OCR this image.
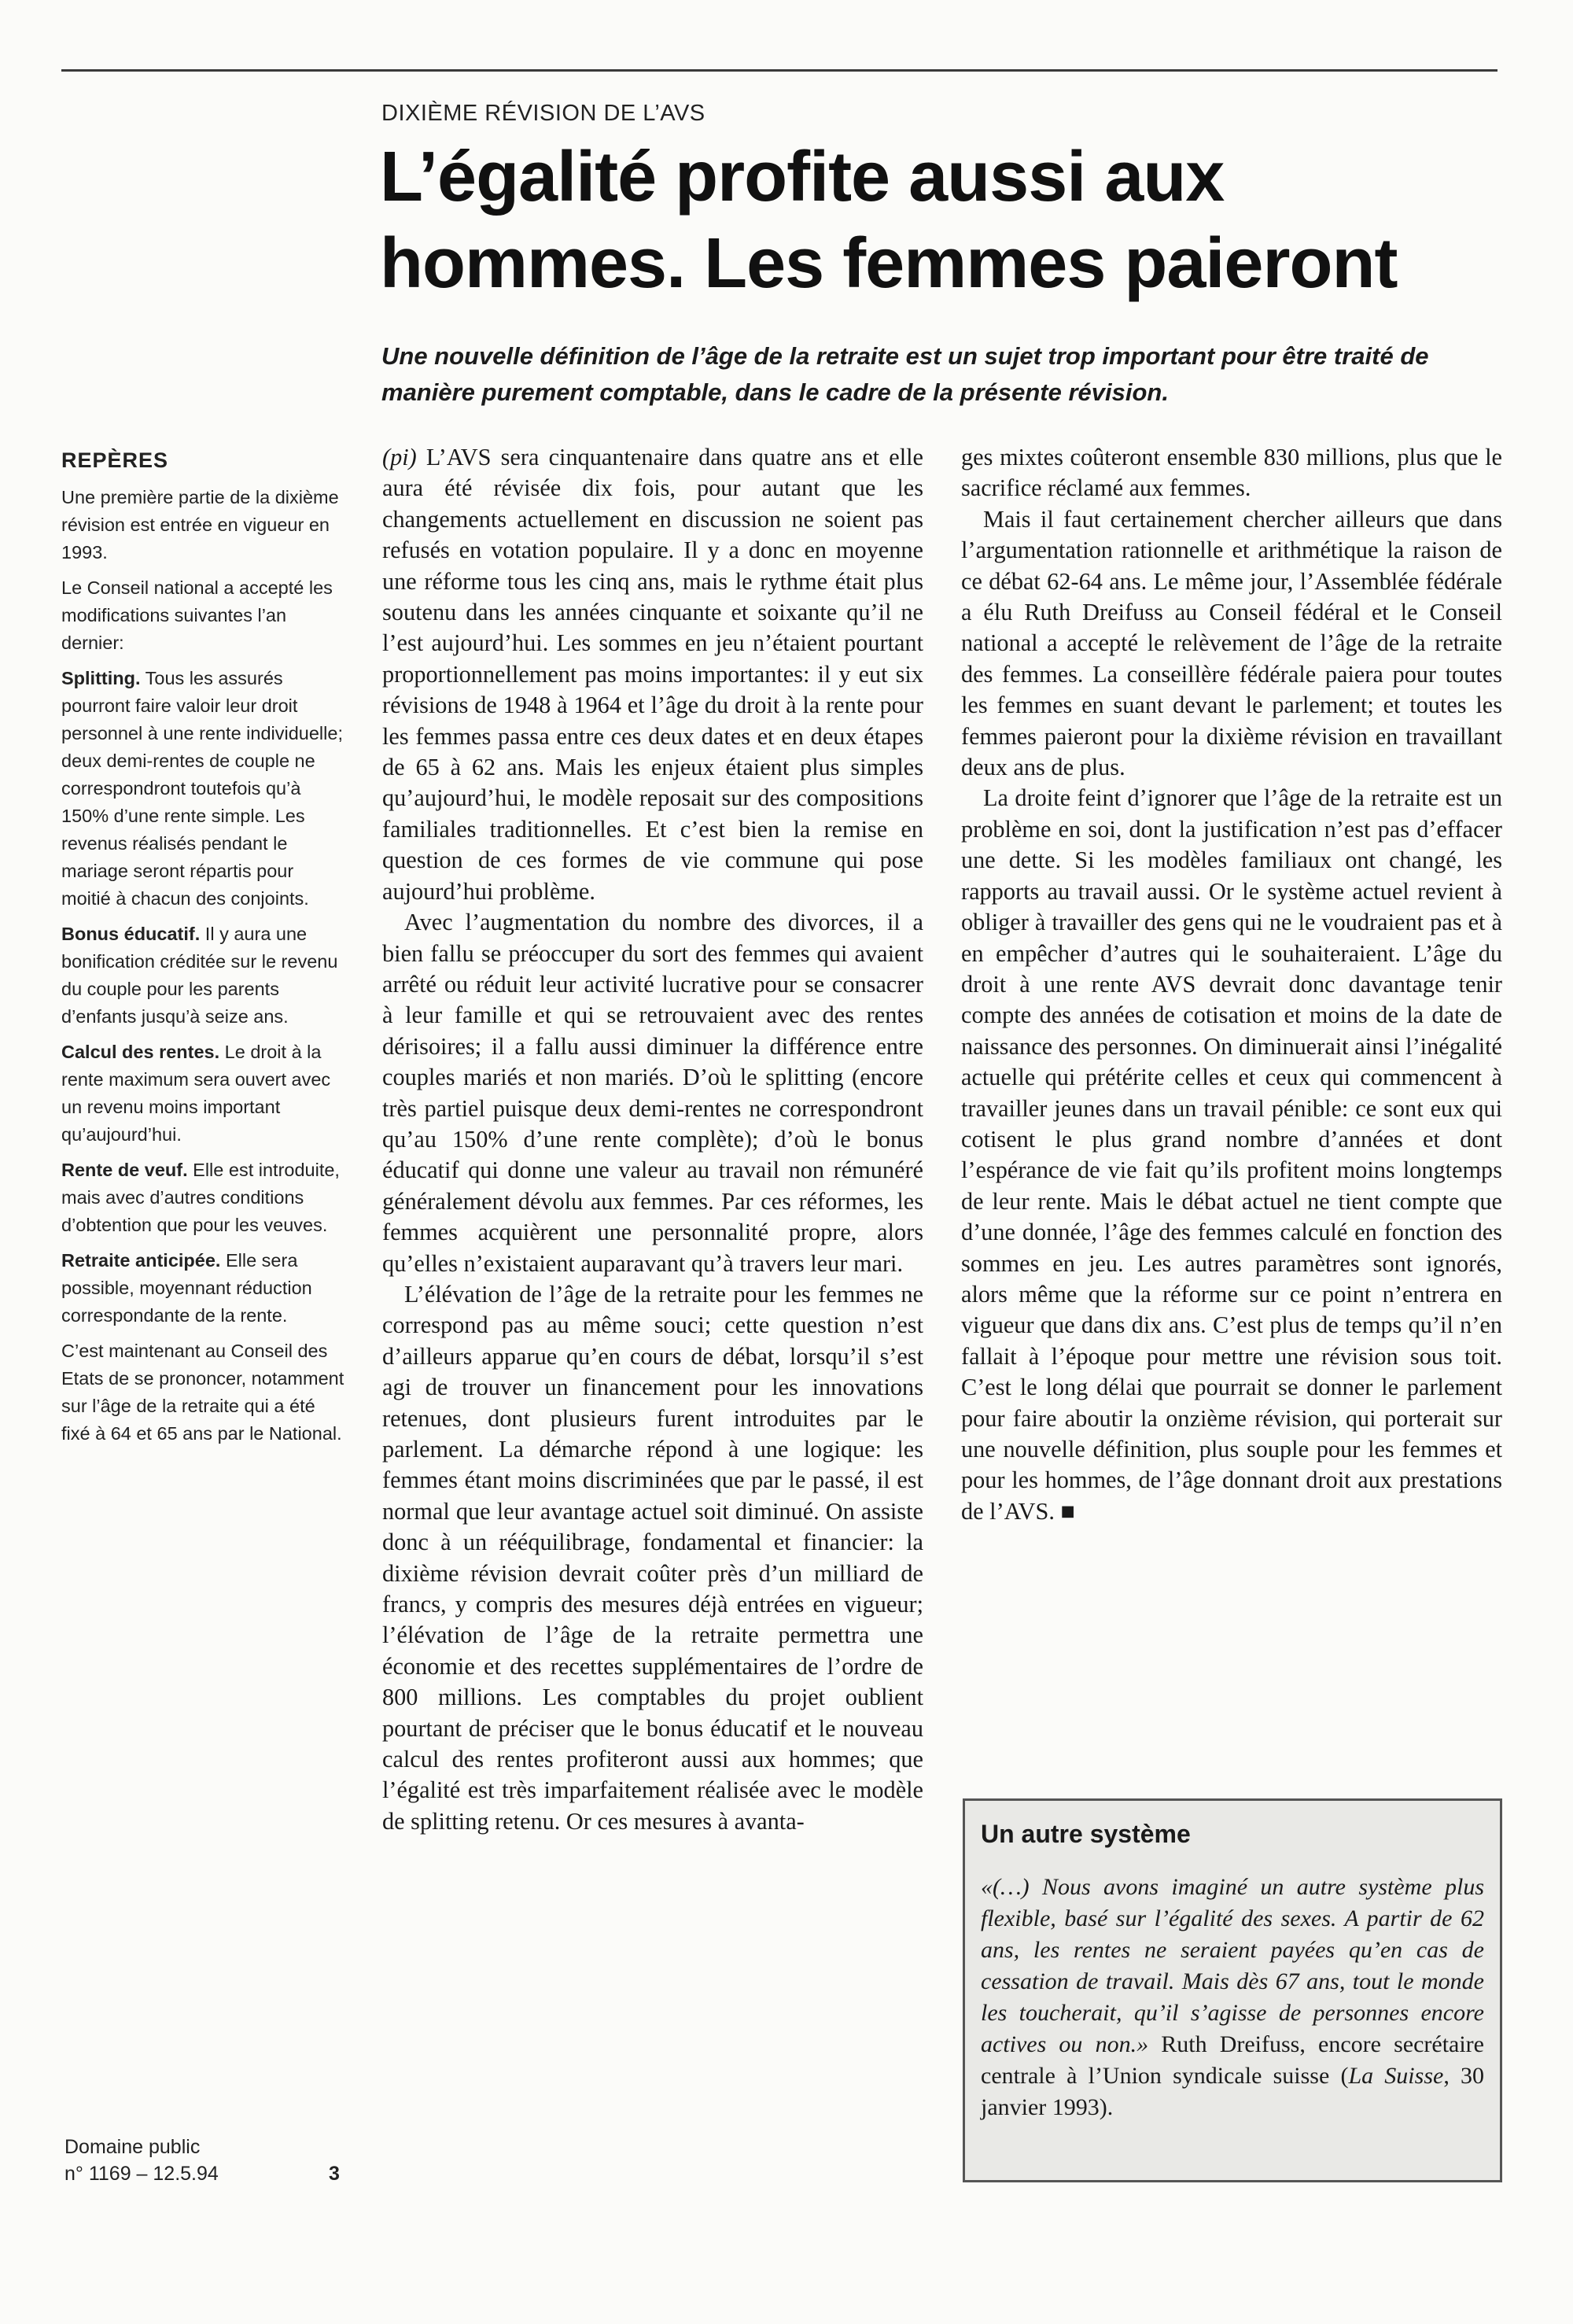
DIXIÈME RÉVISION DE L’AVS
L’égalité profite aussi aux hommes. Les femmes paieront

Une nouvelle définition de l’âge de la retraite est un sujet trop important pour être traité de manière purement comptable, dans le cadre de la présente révision.

REPÈRES

Une première partie de la dixième révision est entrée en vigueur en 1993.

Le Conseil national a accepté les modifications suivantes l’an dernier:

Splitting. Tous les assurés pourront faire valoir leur droit personnel à une rente individuelle; deux demi-rentes de couple ne correspondront toutefois qu’à 150% d’une rente simple. Les revenus réalisés pendant le mariage seront répartis pour moitié à chacun des conjoints.

Bonus éducatif. Il y aura une bonification créditée sur le revenu du couple pour les parents d’enfants jusqu’à seize ans.

Calcul des rentes. Le droit à la rente maximum sera ouvert avec un revenu moins important qu’aujourd’hui.

Rente de veuf. Elle est introduite, mais avec d’autres conditions d’obtention que pour les veuves.

Retraite anticipée. Elle sera possible, moyennant réduction correspondante de la rente.

C’est maintenant au Conseil des Etats de se prononcer, notamment sur l’âge de la retraite qui a été fixé à 64 et 65 ans par le National.

Domaine public
n° 1169 – 12.5.94	3

(pi) L’AVS sera cinquantenaire dans quatre ans et elle aura été révisée dix fois, pour autant que les changements actuellement en discussion ne soient pas refusés en votation populaire. Il y a donc en moyenne une réforme tous les cinq ans, mais le rythme était plus soutenu dans les années cinquante et soixante qu’il ne l’est aujourd’hui. Les sommes en jeu n’étaient pourtant proportionnellement pas moins importantes: il y eut six révisions de 1948 à 1964 et l’âge du droit à la rente pour les femmes passa entre ces deux dates et en deux étapes de 65 à 62 ans. Mais les enjeux étaient plus simples qu’aujourd’hui, le modèle reposait sur des compositions familiales traditionnelles. Et c’est bien la remise en question de ces formes de vie commune qui pose aujourd’hui problème.

Avec l’augmentation du nombre des divorces, il a bien fallu se préoccuper du sort des femmes qui avaient arrêté ou réduit leur activité lucrative pour se consacrer à leur famille et qui se retrouvaient avec des rentes dérisoires; il a fallu aussi diminuer la différence entre couples mariés et non mariés. D’où le splitting (encore très partiel puisque deux demi-rentes ne correspondront qu’au 150% d’une rente complète); d’où le bonus éducatif qui donne une valeur au travail non rémunéré généralement dévolu aux femmes. Par ces réformes, les femmes acquièrent une personnalité propre, alors qu’elles n’existaient auparavant qu’à travers leur mari.

L’élévation de l’âge de la retraite pour les femmes ne correspond pas au même souci; cette question n’est d’ailleurs apparue qu’en cours de débat, lorsqu’il s’est agi de trouver un financement pour les innovations retenues, dont plusieurs furent introduites par le parlement. La démarche répond à une logique: les femmes étant moins discriminées que par le passé, il est normal que leur avantage actuel soit diminué. On assiste donc à un rééquilibrage, fondamental et financier: la dixième révision devrait coûter près d’un milliard de francs, y compris des mesures déjà entrées en vigueur; l’élévation de l’âge de la retraite permettra une économie et des recettes supplémentaires de l’ordre de 800 millions. Les comptables du projet oublient pourtant de préciser que le bonus éducatif et le nouveau calcul des rentes profiteront aussi aux hommes; que l’égalité est très imparfaitement réalisée avec le modèle de splitting retenu. Or ces mesures à avanta-

ges mixtes coûteront ensemble 830 millions, plus que le sacrifice réclamé aux femmes.

Mais il faut certainement chercher ailleurs que dans l’argumentation rationnelle et arithmétique la raison de ce débat 62-64 ans. Le même jour, l’Assemblée fédérale a élu Ruth Dreifuss au Conseil fédéral et le Conseil national a accepté le relèvement de l’âge de la retraite des femmes. La conseillère fédérale paiera pour toutes les femmes en suant devant le parlement; et toutes les femmes paieront pour la dixième révision en travaillant deux ans de plus.

La droite feint d’ignorer que l’âge de la retraite est un problème en soi, dont la justification n’est pas d’effacer une dette. Si les modèles familiaux ont changé, les rapports au travail aussi. Or le système actuel revient à obliger à travailler des gens qui ne le voudraient pas et à en empêcher d’autres qui le souhaiteraient. L’âge du droit à une rente AVS devrait donc davantage tenir compte des années de cotisation et moins de la date de naissance des personnes. On diminuerait ainsi l’inégalité actuelle qui prétérite celles et ceux qui commencent à travailler jeunes dans un travail pénible: ce sont eux qui cotisent le plus grand nombre d’années et dont l’espérance de vie fait qu’ils profitent moins longtemps de leur rente. Mais le débat actuel ne tient compte que d’une donnée, l’âge des femmes calculé en fonction des sommes en jeu. Les autres paramètres sont ignorés, alors même que la réforme sur ce point n’entrera en vigueur que dans dix ans. C’est plus de temps qu’il n’en fallait à l’époque pour mettre une révision sous toit. C’est le long délai que pourrait se donner le parlement pour faire aboutir la onzième révision, qui porterait sur une nouvelle définition, plus souple pour les femmes et pour les hommes, de l’âge donnant droit aux prestations de l’AVS. ■

Un autre système

«(…) Nous avons imaginé un autre système plus flexible, basé sur l’égalité des sexes. A partir de 62 ans, les rentes ne seraient payées qu’en cas de cessation de travail. Mais dès 67 ans, tout le monde les toucherait, qu’il s’agisse de personnes encore actives ou non.» Ruth Dreifuss, encore secrétaire centrale à l’Union syndicale suisse (La Suisse, 30 janvier 1993).
